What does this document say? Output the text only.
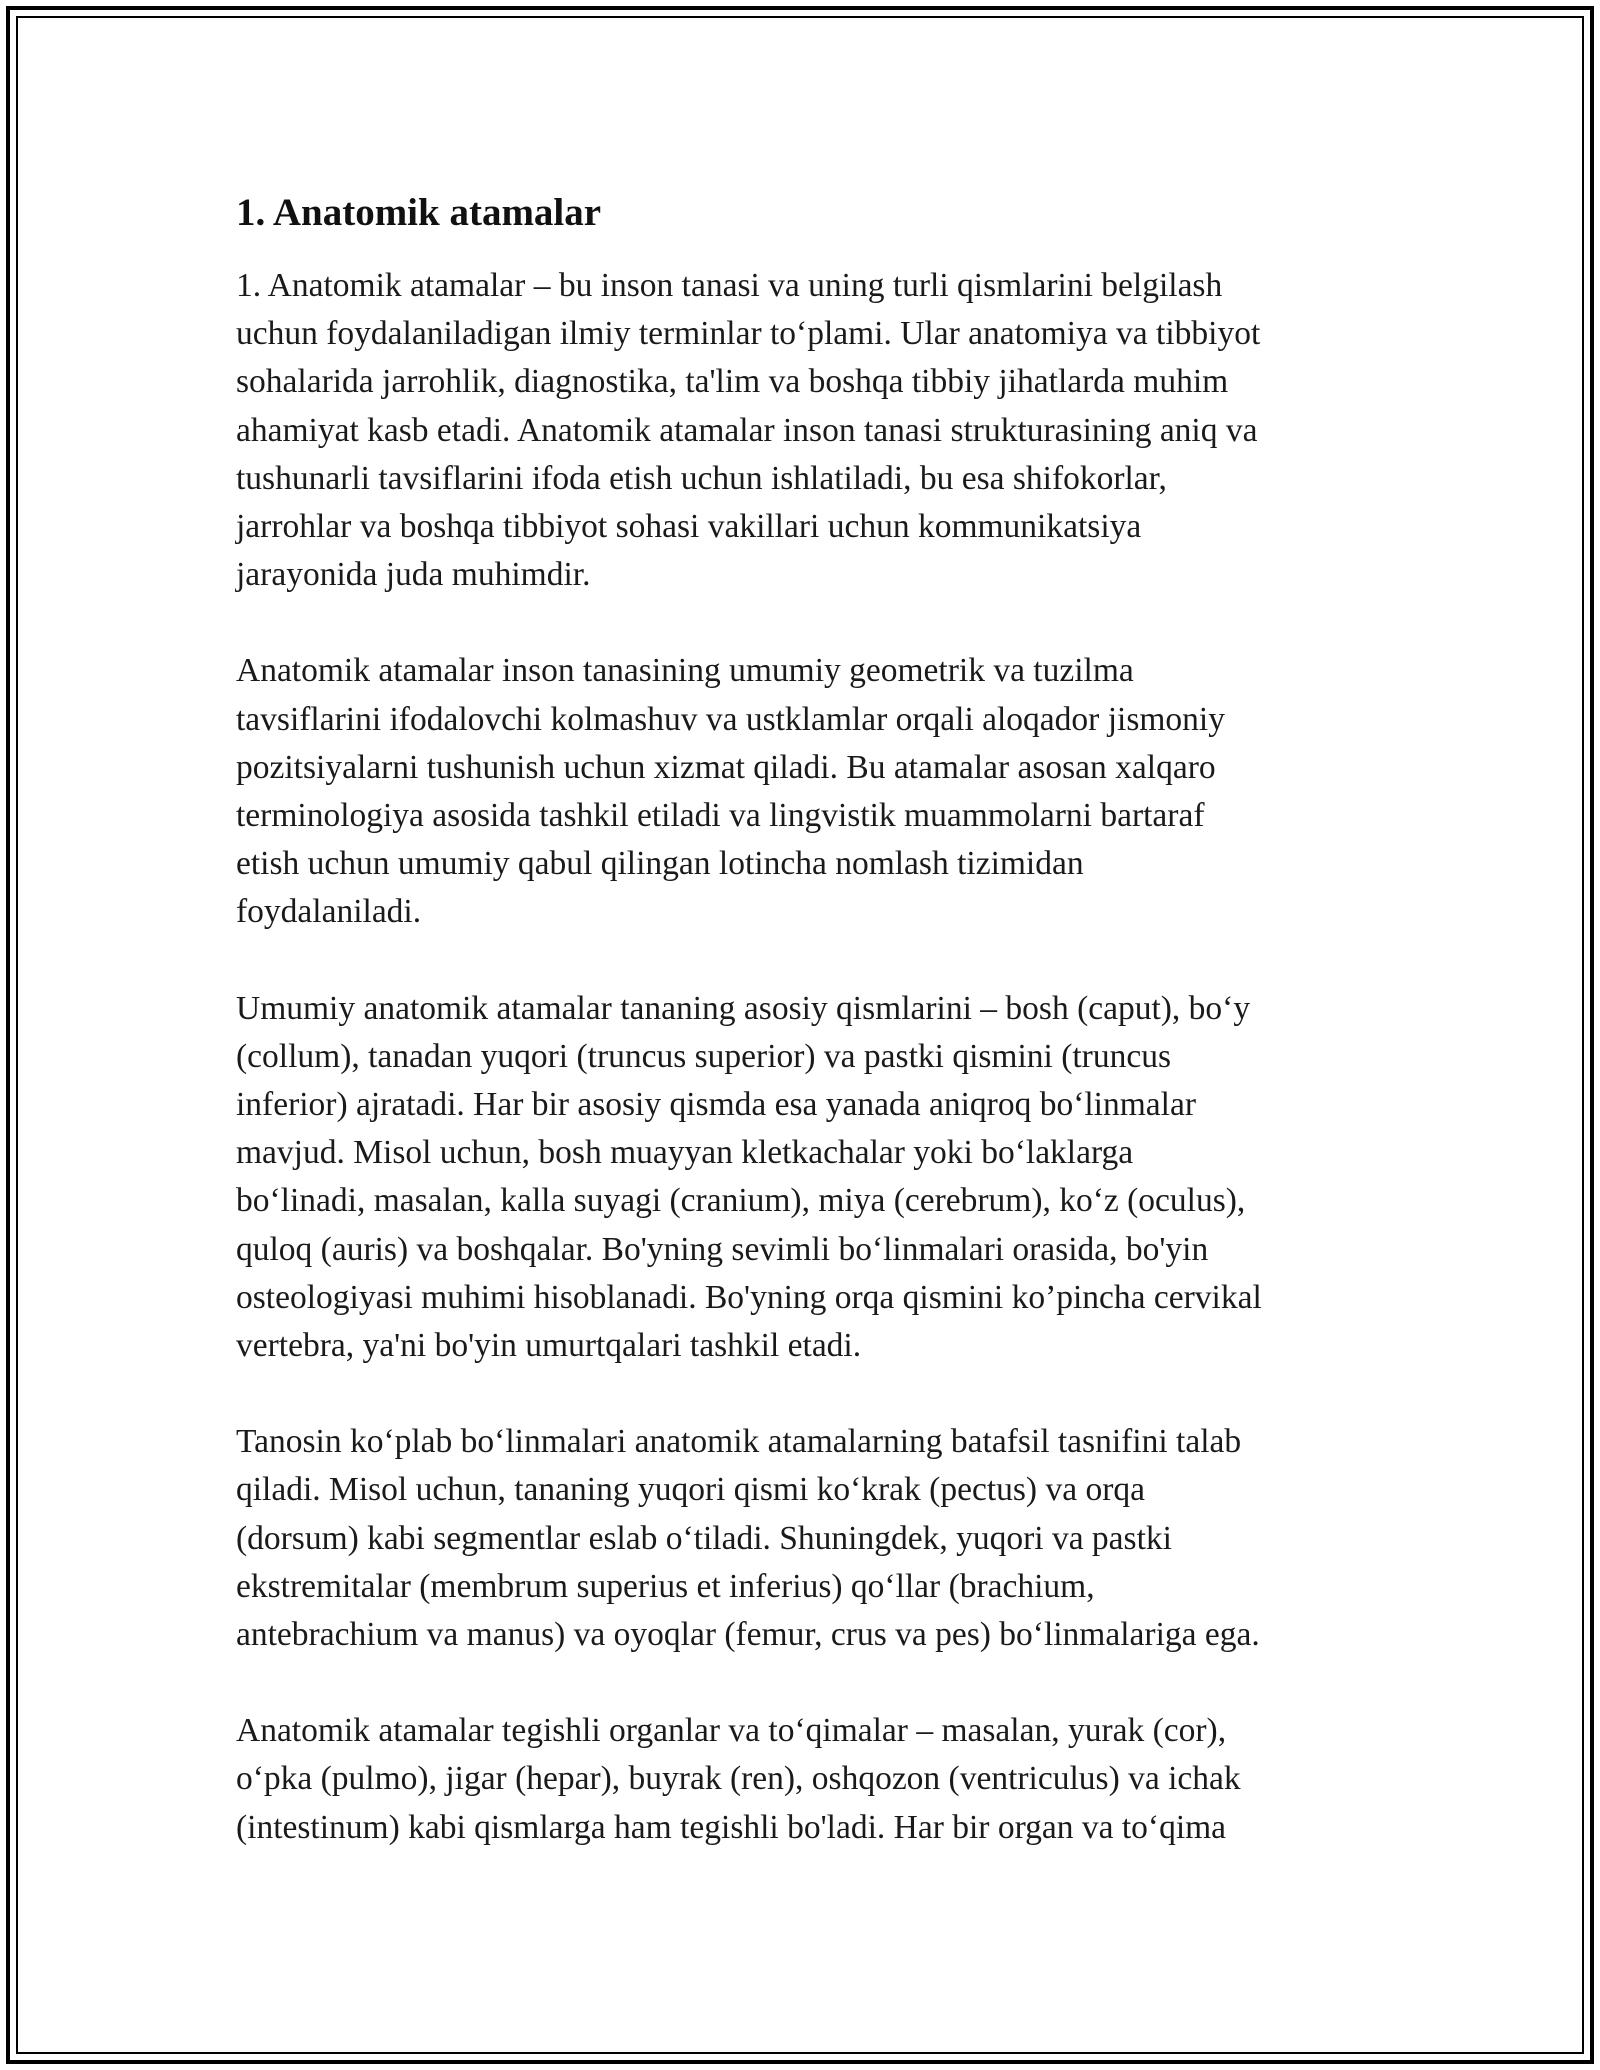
1. Anatomik atamalar
1. Anatomik atamalar – bu inson tanasi va uning turli qismlarini belgilash
uchun foydalaniladigan ilmiy terminlar to‘plami. Ular anatomiya va tibbiyot
sohalarida jarrohlik, diagnostika, ta'lim va boshqa tibbiy jihatlarda muhim
ahamiyat kasb etadi. Anatomik atamalar inson tanasi strukturasining aniq va
tushunarli tavsiflarini ifoda etish uchun ishlatiladi, bu esa shifokorlar,
jarrohlar va boshqa tibbiyot sohasi vakillari uchun kommunikatsiya
jarayonida juda muhimdir.
Anatomik atamalar inson tanasining umumiy geometrik va tuzilma
tavsiflarini ifodalovchi kolmashuv va ustklamlar orqali aloqador jismoniy
pozitsiyalarni tushunish uchun xizmat qiladi. Bu atamalar asosan xalqaro
terminologiya asosida tashkil etiladi va lingvistik muammolarni bartaraf
etish uchun umumiy qabul qilingan lotincha nomlash tizimidan
foydalaniladi.
Umumiy anatomik atamalar tananing asosiy qismlarini – bosh (caput), bo‘y
(collum), tanadan yuqori (truncus superior) va pastki qismini (truncus
inferior) ajratadi. Har bir asosiy qismda esa yanada aniqroq bo‘linmalar
mavjud. Misol uchun, bosh muayyan kletkachalar yoki bo‘laklarga
bo‘linadi, masalan, kalla suyagi (cranium), miya (cerebrum), ko‘z (oculus),
quloq (auris) va boshqalar. Bo'yning sevimli bo‘linmalari orasida, bo'yin
osteologiyasi muhimi hisoblanadi. Bo'yning orqa qismini ko’pincha cervikal
vertebra, ya'ni bo'yin umurtqalari tashkil etadi.
Tanosin ko‘plab bo‘linmalari anatomik atamalarning batafsil tasnifini talab
qiladi. Misol uchun, tananing yuqori qismi ko‘krak (pectus) va orqa
(dorsum) kabi segmentlar eslab o‘tiladi. Shuningdek, yuqori va pastki
ekstremitalar (membrum superius et inferius) qo‘llar (brachium,
antebrachium va manus) va oyoqlar (femur, crus va pes) bo‘linmalariga ega.
Anatomik atamalar tegishli organlar va to‘qimalar – masalan, yurak (cor),
o‘pka (pulmo), jigar (hepar), buyrak (ren), oshqozon (ventriculus) va ichak
(intestinum) kabi qismlarga ham tegishli bo'ladi. Har bir organ va to‘qima
